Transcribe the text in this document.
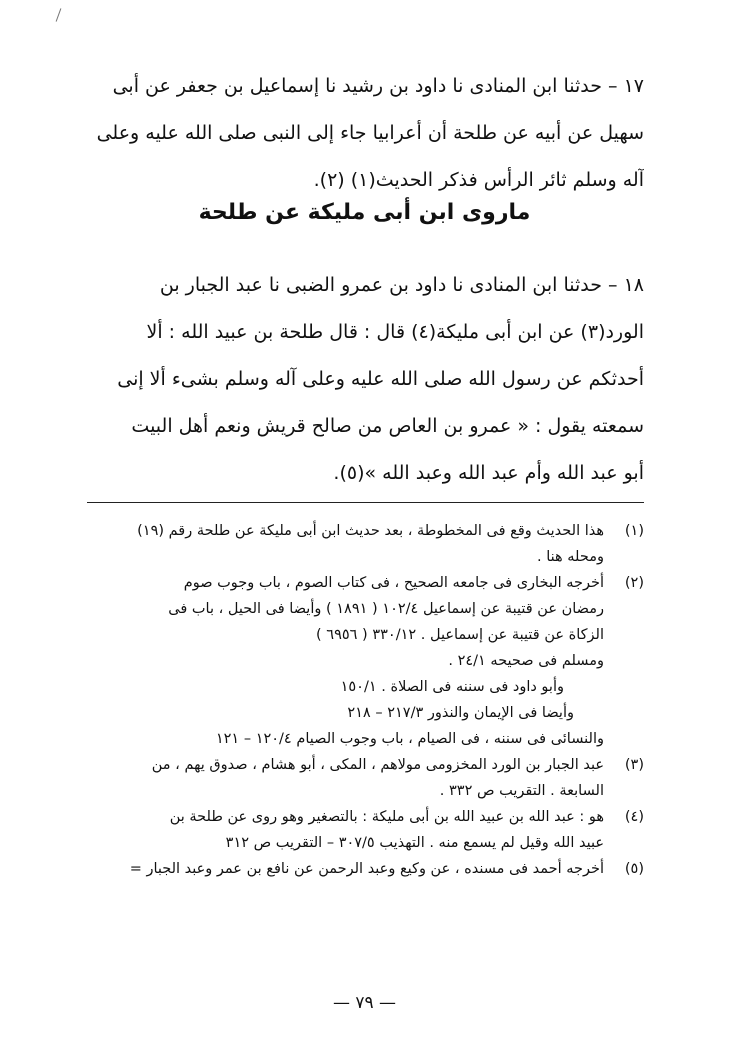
١٧ – حدثنا ابن المنادى نا داود بن رشيد نا إسماعيل بن جعفر عن أبى
سهيل عن أبيه عن طلحة أن أعرابيا جاء إلى النبى صلى الله عليه وعلى
آله وسلم ثائر الرأس فذكر الحديث(١) (٢).
ماروى ابن أبى مليكة عن طلحة
١٨ – حدثنا ابن المنادى نا داود بن عمرو الضبى نا عبد الجبار بن
الورد(٣) عن ابن أبى مليكة(٤) قال : قال طلحة بن عبيد الله : ألا
أحدثكم عن رسول الله صلى الله عليه وعلى آله وسلم بشىء ألا إنى
سمعته يقول : « عمرو بن العاص من صالح قريش ونعم أهل البيت
أبو عبد الله وأم عبد الله وعبد الله »(٥).
(١)
هذا الحديث وقع فى المخطوطة ، بعد حديث ابن أبى مليكة عن طلحة رقم (١٩)
ومحله هنا .
(٢)
أخرجه البخارى فى جامعه الصحيح ، فى كتاب الصوم ، باب وجوب صوم
رمضان عن قتيبة عن إسماعيل ١٠٢/٤ ( ١٨٩١ ) وأيضا فى الحيل ، باب فى
الزكاة عن قتيبة عن إسماعيل . ٣٣٠/١٢ ( ٦٩٥٦ )
ومسلم فى صحيحه ٢٤/١ .
وأبو داود فى سننه فى الصلاة . ١٥٠/١
وأيضا فى الإيمان والنذور ٢١٧/٣ – ٢١٨
والنسائى فى سننه ، فى الصيام ، باب وجوب الصيام ١٢٠/٤ – ١٢١
(٣)
عبد الجبار بن الورد المخزومى مولاهم ، المكى ، أبو هشام ، صدوق يهم ، من
السابعة . التقريب ص ٣٣٢ .
(٤)
هو : عبد الله بن عبيد الله بن أبى مليكة : بالتصغير وهو روى عن طلحة بن
عبيد الله وقيل لم يسمع منه . التهذيب ٣٠٧/٥ – التقريب ص ٣١٢
(٥)
أخرجه أحمد فى مسنده ، عن وكيع وعبد الرحمن عن نافع بن عمر وعبد الجبار =
— ٧٩ —
